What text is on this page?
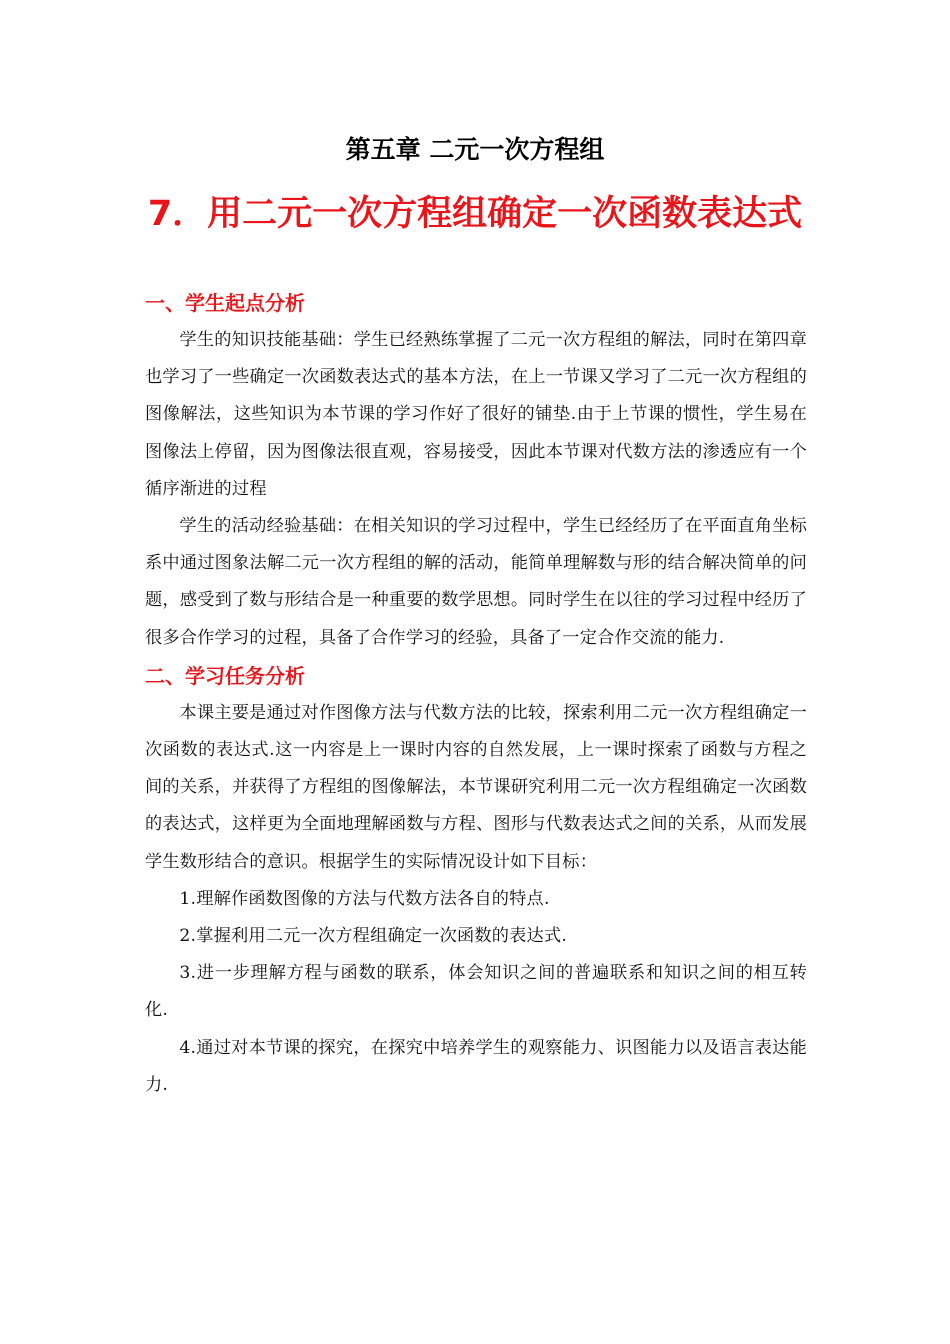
第五章 二元一次方程组
7．用二元一次方程组确定一次函数表达式
一、学生起点分析

学生的知识技能基础：学生已经熟练掌握了二元一次方程组的解法，同时在第四章也学习了一些确定一次函数表达式的基本方法，在上一节课又学习了二元一次方程组的图像解法，这些知识为本节课的学习作好了很好的铺垫.由于上节课的惯性，学生易在图像法上停留，因为图像法很直观，容易接受，因此本节课对代数方法的渗透应有一个循序渐进的过程

学生的活动经验基础：在相关知识的学习过程中，学生已经经历了在平面直角坐标系中通过图象法解二元一次方程组的解的活动，能简单理解数与形的结合解决简单的问题，感受到了数与形结合是一种重要的数学思想。同时学生在以往的学习过程中经历了很多合作学习的过程，具备了合作学习的经验，具备了一定合作交流的能力.

二、学习任务分析

本课主要是通过对作图像方法与代数方法的比较，探索利用二元一次方程组确定一次函数的表达式.这一内容是上一课时内容的自然发展，上一课时探索了函数与方程之间的关系，并获得了方程组的图像解法，本节课研究利用二元一次方程组确定一次函数的表达式，这样更为全面地理解函数与方程、图形与代数表达式之间的关系，从而发展学生数形结合的意识。根据学生的实际情况设计如下目标：

1.理解作函数图像的方法与代数方法各自的特点.

2.掌握利用二元一次方程组确定一次函数的表达式.

3.进一步理解方程与函数的联系，体会知识之间的普遍联系和知识之间的相互转化.

4.通过对本节课的探究，在探究中培养学生的观察能力、识图能力以及语言表达能力.
